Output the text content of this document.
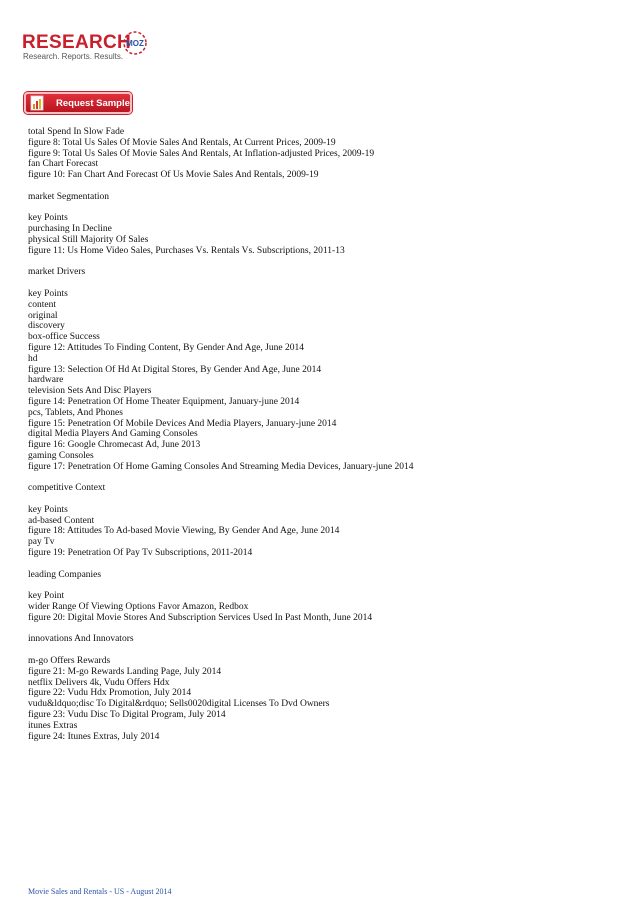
RESEARCH
MOZ
Research. Reports. Results.
Request Sample
total Spend In Slow Fade
figure 8: Total Us Sales Of Movie Sales And Rentals, At Current Prices, 2009-19
figure 9: Total Us Sales Of Movie Sales And Rentals, At Inflation-adjusted Prices, 2009-19
fan Chart Forecast
figure 10: Fan Chart And Forecast Of Us Movie Sales And Rentals, 2009-19
market Segmentation
key Points
purchasing In Decline
physical Still Majority Of Sales
figure 11: Us Home Video Sales, Purchases Vs. Rentals Vs. Subscriptions, 2011-13
market Drivers
key Points
content
original
discovery
box-office Success
figure 12: Attitudes To Finding Content, By Gender And Age, June 2014
hd
figure 13: Selection Of Hd At Digital Stores, By Gender And Age, June 2014
hardware
television Sets And Disc Players
figure 14: Penetration Of Home Theater Equipment, January-june 2014
pcs, Tablets, And Phones
figure 15: Penetration Of Mobile Devices And Media Players, January-june 2014
digital Media Players And Gaming Consoles
figure 16: Google Chromecast Ad, June 2013
gaming Consoles
figure 17: Penetration Of Home Gaming Consoles And Streaming Media Devices, January-june 2014
competitive Context
key Points
ad-based Content
figure 18: Attitudes To Ad-based Movie Viewing, By Gender And Age, June 2014
pay Tv
figure 19: Penetration Of Pay Tv Subscriptions, 2011-2014
leading Companies
key Point
wider Range Of Viewing Options Favor Amazon, Redbox
figure 20: Digital Movie Stores And Subscription Services Used In Past Month, June 2014
innovations And Innovators
m-go Offers Rewards
figure 21: M-go Rewards Landing Page, July 2014
netflix Delivers 4k, Vudu Offers Hdx
figure 22: Vudu Hdx Promotion, July 2014
vudu&ldquo;disc To Digital&rdquo; Sells0020digital Licenses To Dvd Owners
figure 23: Vudu Disc To Digital Program, July 2014
itunes Extras
figure 24: Itunes Extras, July 2014
Movie Sales and Rentals - US - August 2014
